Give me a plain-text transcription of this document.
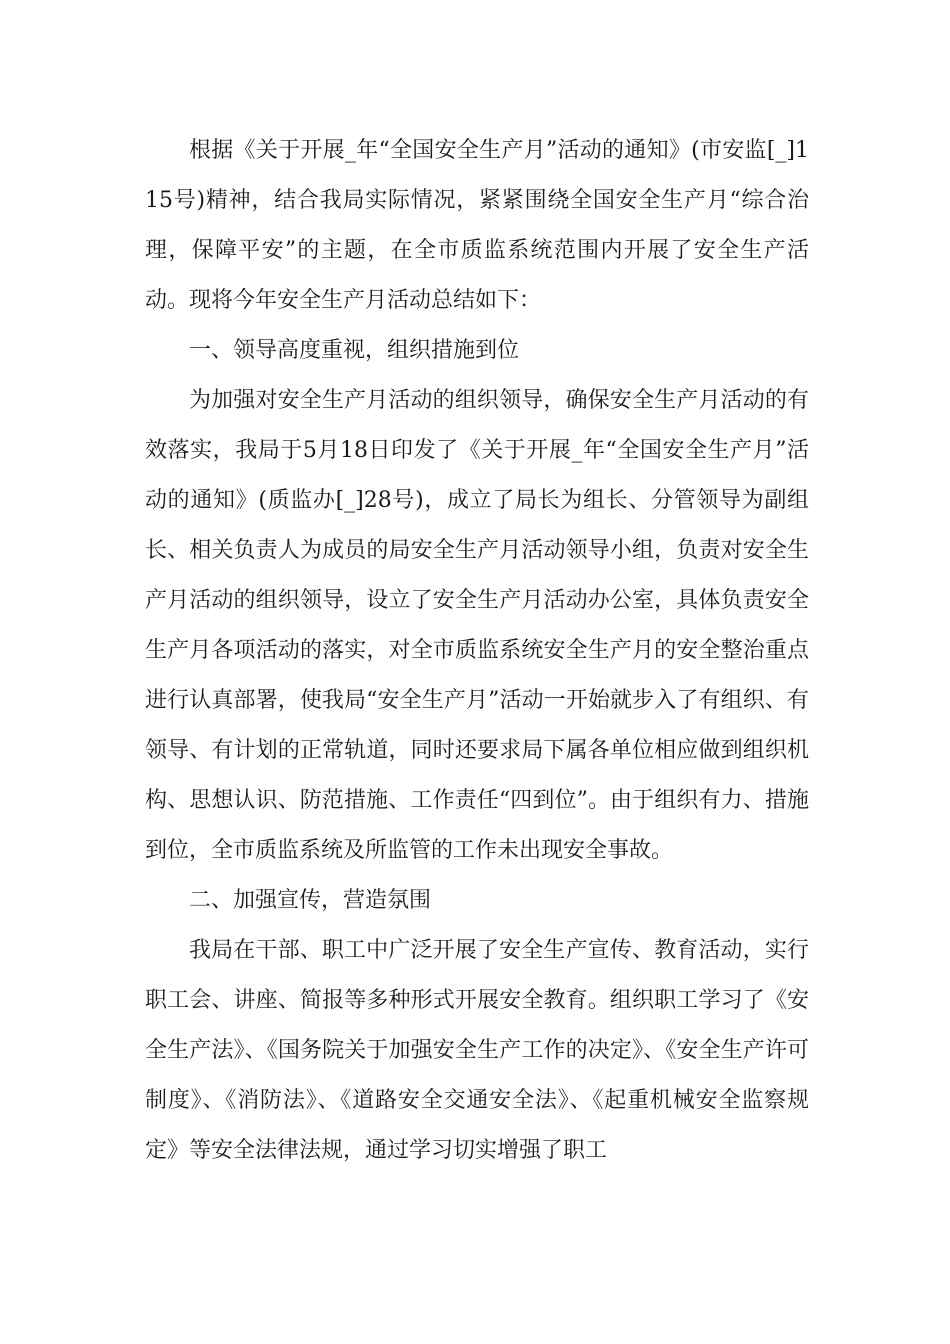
根据《关于开展_年“全国安全生产月”活动的通知》(市安监[_]115号)精神，结合我局实际情况，紧紧围绕全国安全生产月“综合治理，保障平安”的主题，在全市质监系统范围内开展了安全生产活动。现将今年安全生产月活动总结如下：

一、领导高度重视，组织措施到位

为加强对安全生产月活动的组织领导，确保安全生产月活动的有效落实，我局于5月18日印发了《关于开展_年“全国安全生产月”活动的通知》(质监办[_]28号)，成立了局长为组长、分管领导为副组长、相关负责人为成员的局安全生产月活动领导小组，负责对安全生产月活动的组织领导，设立了安全生产月活动办公室，具体负责安全生产月各项活动的落实，对全市质监系统安全生产月的安全整治重点进行认真部署，使我局“安全生产月”活动一开始就步入了有组织、有领导、有计划的正常轨道，同时还要求局下属各单位相应做到组织机构、思想认识、防范措施、工作责任“四到位”。由于组织有力、措施到位，全市质监系统及所监管的工作未出现安全事故。

二、加强宣传，营造氛围

我局在干部、职工中广泛开展了安全生产宣传、教育活动，实行职工会、讲座、简报等多种形式开展安全教育。组织职工学习了《安全生产法》、《国务院关于加强安全生产工作的决定》、《安全生产许可制度》、《消防法》、《道路安全交通安全法》、《起重机械安全监察规定》等安全法律法规，通过学习切实增强了职工
